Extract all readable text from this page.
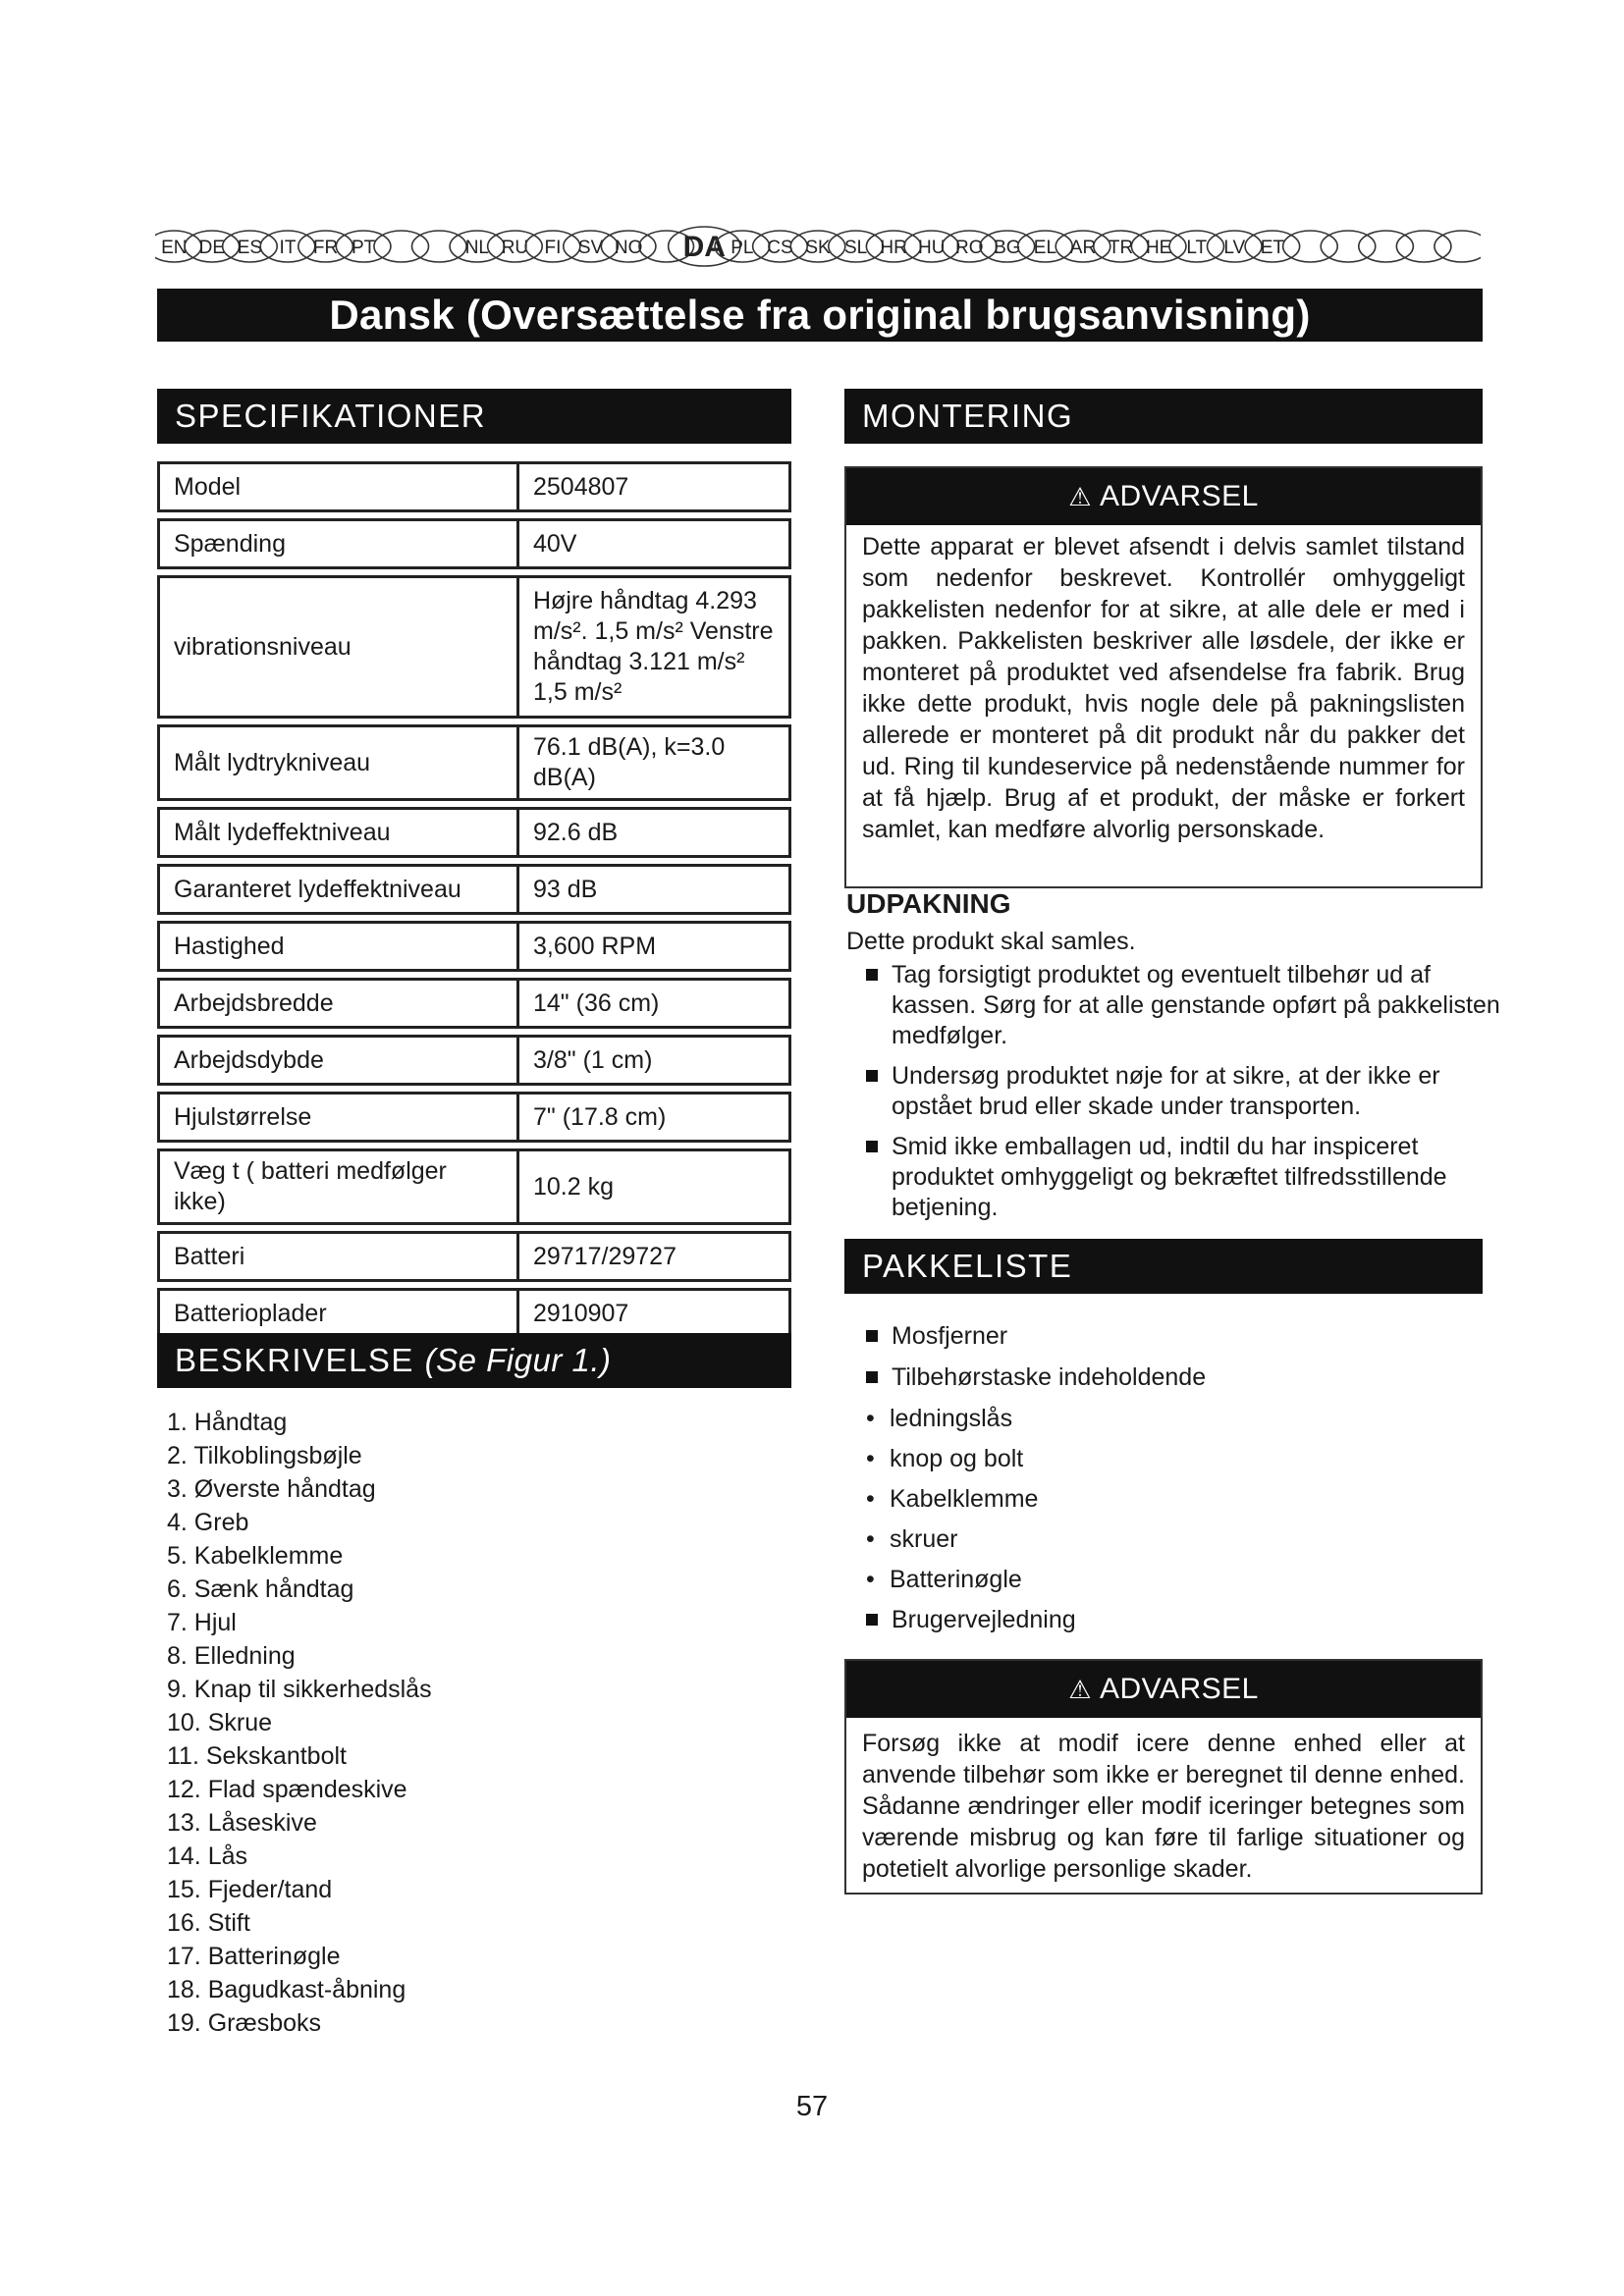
EN DE ES IT FR PT	NL RU FI SV NO DA PL CS SK SL HR HU RO BG EL AR TR HE LT LV ET
Dansk (Oversættelse fra original brugsanvisning)
SPECIFIKATIONER
Model	2504807

Spænding	40V

vibrationsniveau	Højre håndtag 4.293 m/s². 1,5 m/s² Venstre håndtag 3.121 m/s² 1,5 m/s²

Målt lydtrykniveau	76.1 dB(A), k=3.0 dB(A)

Målt lydeffektniveau	92.6 dB

Garanteret lydeffektniveau	93 dB

Hastighed	3,600 RPM

Arbejdsbredde	14" (36 cm)

Arbejdsdybde	3/8" (1 cm)

Hjulstørrelse	7" (17.8 cm)

Væg t ( batteri medfølger ikke)	10.2 kg

Batteri	29717/29727

Batterioplader	2910907
BESKRIVELSE (Se Figur 1.)
1. Håndtag
2. Tilkoblingsbøjle
3. Øverste håndtag
4. Greb
5. Kabelklemme
6. Sænk håndtag
7. Hjul
8. Elledning
9. Knap til sikkerhedslås
10. Skrue
11. Sekskantbolt
12. Flad spændeskive
13. Låseskive
14. Lås
15. Fjeder/tand
16. Stift
17. Batterinøgle
18. Bagudkast-åbning
19. Græsboks
MONTERING
⚠ ADVARSEL
Dette apparat er blevet afsendt i delvis samlet tilstand som nedenfor beskrevet. Kontrollér omhyggeligt pakkelisten nedenfor for at sikre, at alle dele er med i pakken. Pakkelisten beskriver alle løsdele, der ikke er monteret på produktet ved afsendelse fra fabrik. Brug ikke dette produkt, hvis nogle dele på pakningslisten allerede er monteret på dit produkt når du pakker det ud. Ring til kundeservice på nedenstående nummer for at få hjælp. Brug af et produkt, der måske er forkert samlet, kan medføre alvorlig personskade.
UDPAKNING
Dette produkt skal samles.
Tag forsigtigt produktet og eventuelt tilbehør ud af kassen. Sørg for at alle genstande opført på pakkelisten medfølger.
Undersøg produktet nøje for at sikre, at der ikke er opstået brud eller skade under transporten.
Smid ikke emballagen ud, indtil du har inspiceret produktet omhyggeligt og bekræftet tilfredsstillende betjening.
PAKKELISTE
Mosfjerner
Tilbehørstaske indeholdende
• ledningslås
• knop og bolt
• Kabelklemme
• skruer
• Batterinøgle
Brugervejledning
⚠ ADVARSEL
Forsøg ikke at modif icere denne enhed eller at anvende tilbehør som ikke er beregnet til denne enhed. Sådanne ændringer eller modif iceringer betegnes som værende misbrug og kan føre til farlige situationer og potetielt alvorlige personlige skader.
57
